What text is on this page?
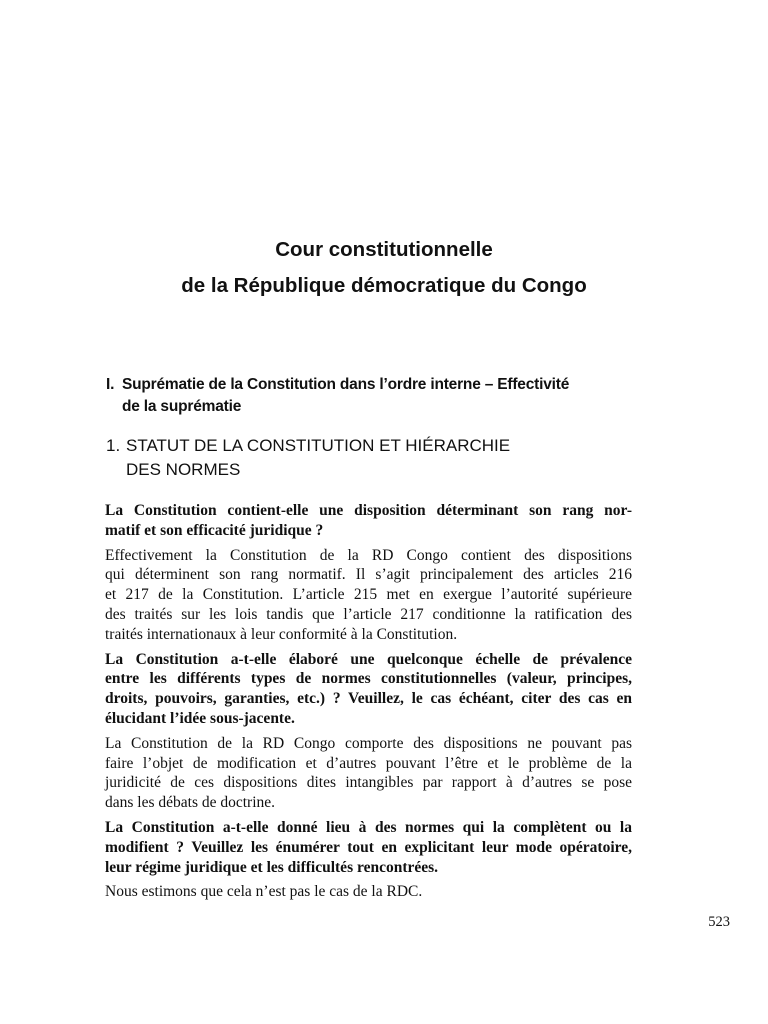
Cour constitutionnelle
de la République démocratique du Congo
I. Suprématie de la Constitution dans l’ordre interne – Effectivité
de la suprématie
1. STATUT DE LA CONSTITUTION ET HIÉRARCHIE
DES NORMES

La Constitution contient-elle une disposition déterminant son rang nor-
matif et son efficacité juridique ?

Effectivement la Constitution de la RD Congo contient des dispositions
qui déterminent son rang normatif. Il s’agit principalement des articles 216
et 217 de la Constitution. L’article 215 met en exergue l’autorité supérieure
des traités sur les lois tandis que l’article 217 conditionne la ratification des
traités internationaux à leur conformité à la Constitution.

La Constitution a-t-elle élaboré une quelconque échelle de prévalence
entre les différents types de normes constitutionnelles (valeur, principes,
droits, pouvoirs, garanties, etc.) ? Veuillez, le cas échéant, citer des cas en
élucidant l’idée sous-jacente.

La Constitution de la RD Congo comporte des dispositions ne pouvant pas
faire l’objet de modification et d’autres pouvant l’être et le problème de la
juridicité de ces dispositions dites intangibles par rapport à d’autres se pose
dans les débats de doctrine.

La Constitution a-t-elle donné lieu à des normes qui la complètent ou la
modifient ? Veuillez les énumérer tout en explicitant leur mode opératoire,
leur régime juridique et les difficultés rencontrées.

Nous estimons que cela n’est pas le cas de la RDC.

523
